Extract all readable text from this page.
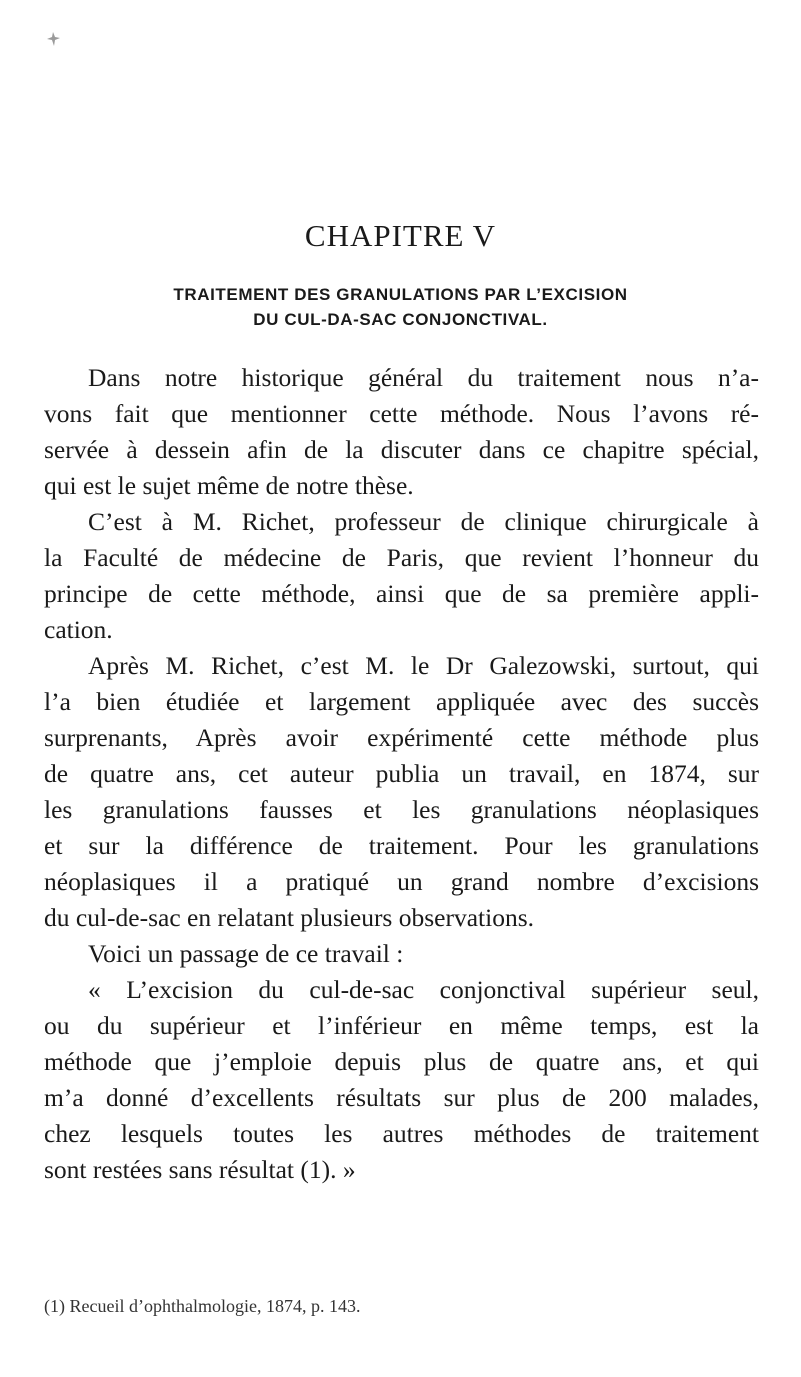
CHAPITRE V

TRAITEMENT DES GRANULATIONS PAR L’EXCISION

DU CUL-DA-SAC CONJONCTIVAL.

Dans notre historique général du traitement nous n’a-

vons fait que mentionner cette méthode. Nous l’avons ré-

servée à dessein afin de la discuter dans ce chapitre spécial,

qui est le sujet même de notre thèse.

C’est à M. Richet, professeur de clinique chirurgicale à

la Faculté de médecine de Paris, que revient l’honneur du

principe de cette méthode, ainsi que de sa première appli-

cation.

Après M. Richet, c’est M. le Dr Galezowski, surtout, qui

l’a bien étudiée et largement appliquée avec des succès

surprenants, Après avoir expérimenté cette méthode plus

de quatre ans, cet auteur publia un travail, en 1874, sur

les granulations fausses et les granulations néoplasiques

et sur la différence de traitement. Pour les granulations

néoplasiques il a pratiqué un grand nombre d’excisions

du cul-de-sac en relatant plusieurs observations.

Voici un passage de ce travail :

« L’excision du cul-de-sac conjonctival supérieur seul,

ou du supérieur et l’inférieur en même temps, est la

méthode que j’emploie depuis plus de quatre ans, et qui

m’a donné d’excellents résultats sur plus de 200 malades,

chez lesquels toutes les autres méthodes de traitement

sont restées sans résultat (1). »

(1) Recueil d’ophthalmologie, 1874, p. 143.
